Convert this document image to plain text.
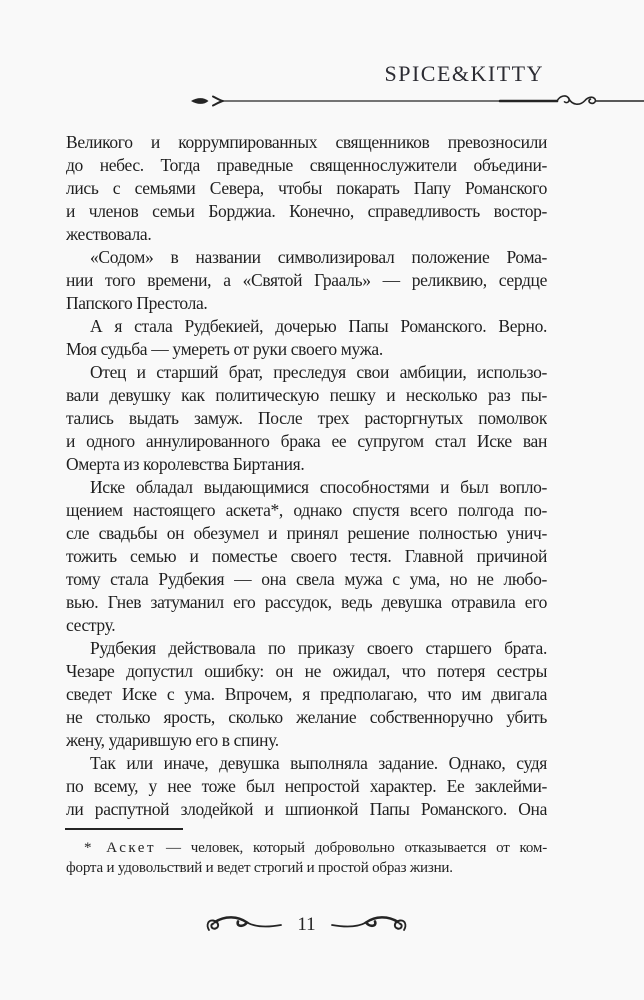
SPICE&KITTY
Великого и коррумпированных священников превозносили
до небес. Тогда праведные священнослужители объедини-
лись с семьями Севера, чтобы покарать Папу Романского
и членов семьи Борджиа. Конечно, справедливость востор-
жествовала.
«Содом» в названии символизировал положение Рома-
нии того времени, а «Святой Грааль» — реликвию, сердце
Папского Престола.
А я стала Рудбекией, дочерью Папы Романского. Верно.
Моя судьба — умереть от руки своего мужа.
Отец и старший брат, преследуя свои амбиции, использо-
вали девушку как политическую пешку и несколько раз пы-
тались выдать замуж. После трех расторгнутых помолвок
и одного аннулированного брака ее супругом стал Иске ван
Омерта из королевства Биртания.
Иске обладал выдающимися способностями и был вопло-
щением настоящего аскета*, однако спустя всего полгода по-
сле свадьбы он обезумел и принял решение полностью унич-
тожить семью и поместье своего тестя. Главной причиной
тому стала Рудбекия — она свела мужа с ума, но не любо-
вью. Гнев затуманил его рассудок, ведь девушка отравила его
сестру.
Рудбекия действовала по приказу своего старшего брата.
Чезаре допустил ошибку: он не ожидал, что потеря сестры
сведет Иске с ума. Впрочем, я предполагаю, что им двигала
не столько ярость, сколько желание собственноручно убить
жену, ударившую его в спину.
Так или иначе, девушка выполняла задание. Однако, судя
по всему, у нее тоже был непростой характер. Ее заклейми-
ли распутной злодейкой и шпионкой Папы Романского. Она
* Аскет — человек, который добровольно отказывается от ком-
форта и удовольствий и ведет строгий и простой образ жизни.
11
